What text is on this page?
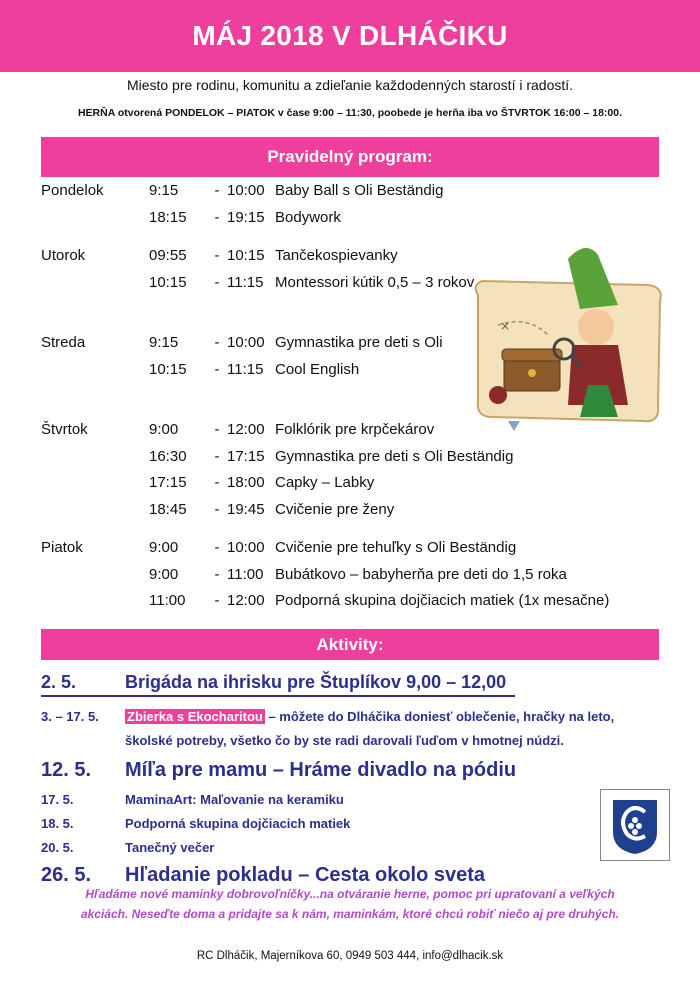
MÁJ 2018 V DLHÁČIKU
Miesto pre rodinu, komunitu a zdieľanie každodenných starostí i radostí.
HERŇA otvorená PONDELOK – PIATOK v čase 9:00 – 11:30, poobede je herňa iba vo ŠTVRTOK 16:00 – 18:00.
Pravidelný program:
Pondelok	9:15	- 10:00 Baby Ball s Oli Beständig
18:15	- 19:15 Bodywork
Utorok	09:55	- 10:15 Tančekospievanky
10:15	- 11:15 Montessori kútik 0,5 – 3 rokov
Streda	9:15	- 10:00 Gymnastika pre deti s Oli
10:15	- 11:15 Cool English
Štvrtok	9:00	- 12:00 Folklórik pre krpčekárov
16:30	- 17:15 Gymnastika pre deti s Oli Beständig
17:15	- 18:00 Capky – Labky
18:45	- 19:45 Cvičenie pre ženy
Piatok	9:00	- 10:00 Cvičenie pre tehuľky s Oli Beständig
9:00	- 11:00 Bubátkovo – babyherňa pre deti do 1,5 roka
11:00	- 12:00 Podporná skupina dojčiacich matiek (1x mesačne)
×
Aktivity:
2. 5.	Brigáda na ihrisku pre Štuplíkov 9,00 – 12,00
3. – 17. 5. Zbierka s Ekocharitou – môžete do Dlháčika doniesť oblečenie, hračky na leto,
školské potreby, všetko čo by ste radi darovali ľuďom v hmotnej núdzi.
12. 5.	Míľa pre mamu – Hráme divadlo na pódiu
17. 5.	MaminaArt: Maľovanie na keramiku
18. 5.	Podporná skupina dojčiacich matiek
20. 5.	Tanečný večer
26. 5.	Hľadanie pokladu – Cesta okolo sveta
Hľadáme nové maminky dobrovoľníčky...na otváranie herne, pomoc pri upratovaní a veľkých
akciách. Neseďte doma a pridajte sa k nám, maminkám, ktoré chcú robiť niečo aj pre druhých.
RC Dlháčik, Majerníkova 60, 0949 503 444, info@dlhacik.sk
